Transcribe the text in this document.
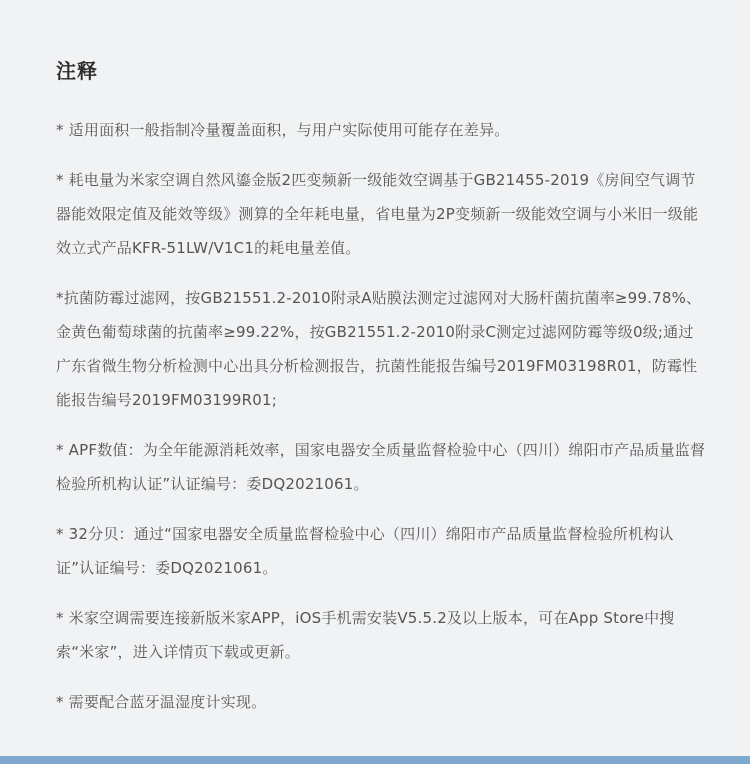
注释
* 适用面积一般指制冷量覆盖面积，与用户实际使用可能存在差异。
* 耗电量为米家空调自然风鎏金版2匹变频新一级能效空调基于GB21455-2019《房间空气调节器能效限定值及能效等级》测算的全年耗电量，省电量为2P变频新一级能效空调与小米旧一级能效立式产品KFR-51LW/V1C1的耗电量差值。
*抗菌防霉过滤网，按GB21551.2-2010附录A贴膜法测定过滤网对大肠杆菌抗菌率≥99.78%、金黄色葡萄球菌的抗菌率≥99.22%，按GB21551.2-2010附录C测定过滤网防霉等级0级;通过广东省微生物分析检测中心出具分析检测报告，抗菌性能报告编号2019FM03198R01，防霉性能报告编号2019FM03199R01;
* APF数值：为全年能源消耗效率，国家电器安全质量监督检验中心（四川）绵阳市产品质量监督检验所机构认证”认证编号：委DQ2021061。
* 32分贝：通过“国家电器安全质量监督检验中心（四川）绵阳市产品质量监督检验所机构认证”认证编号：委DQ2021061。
* 米家空调需要连接新版米家APP，iOS手机需安装V5.5.2及以上版本，可在App Store中搜索“米家”，进入详情页下载或更新。
* 需要配合蓝牙温湿度计实现。
